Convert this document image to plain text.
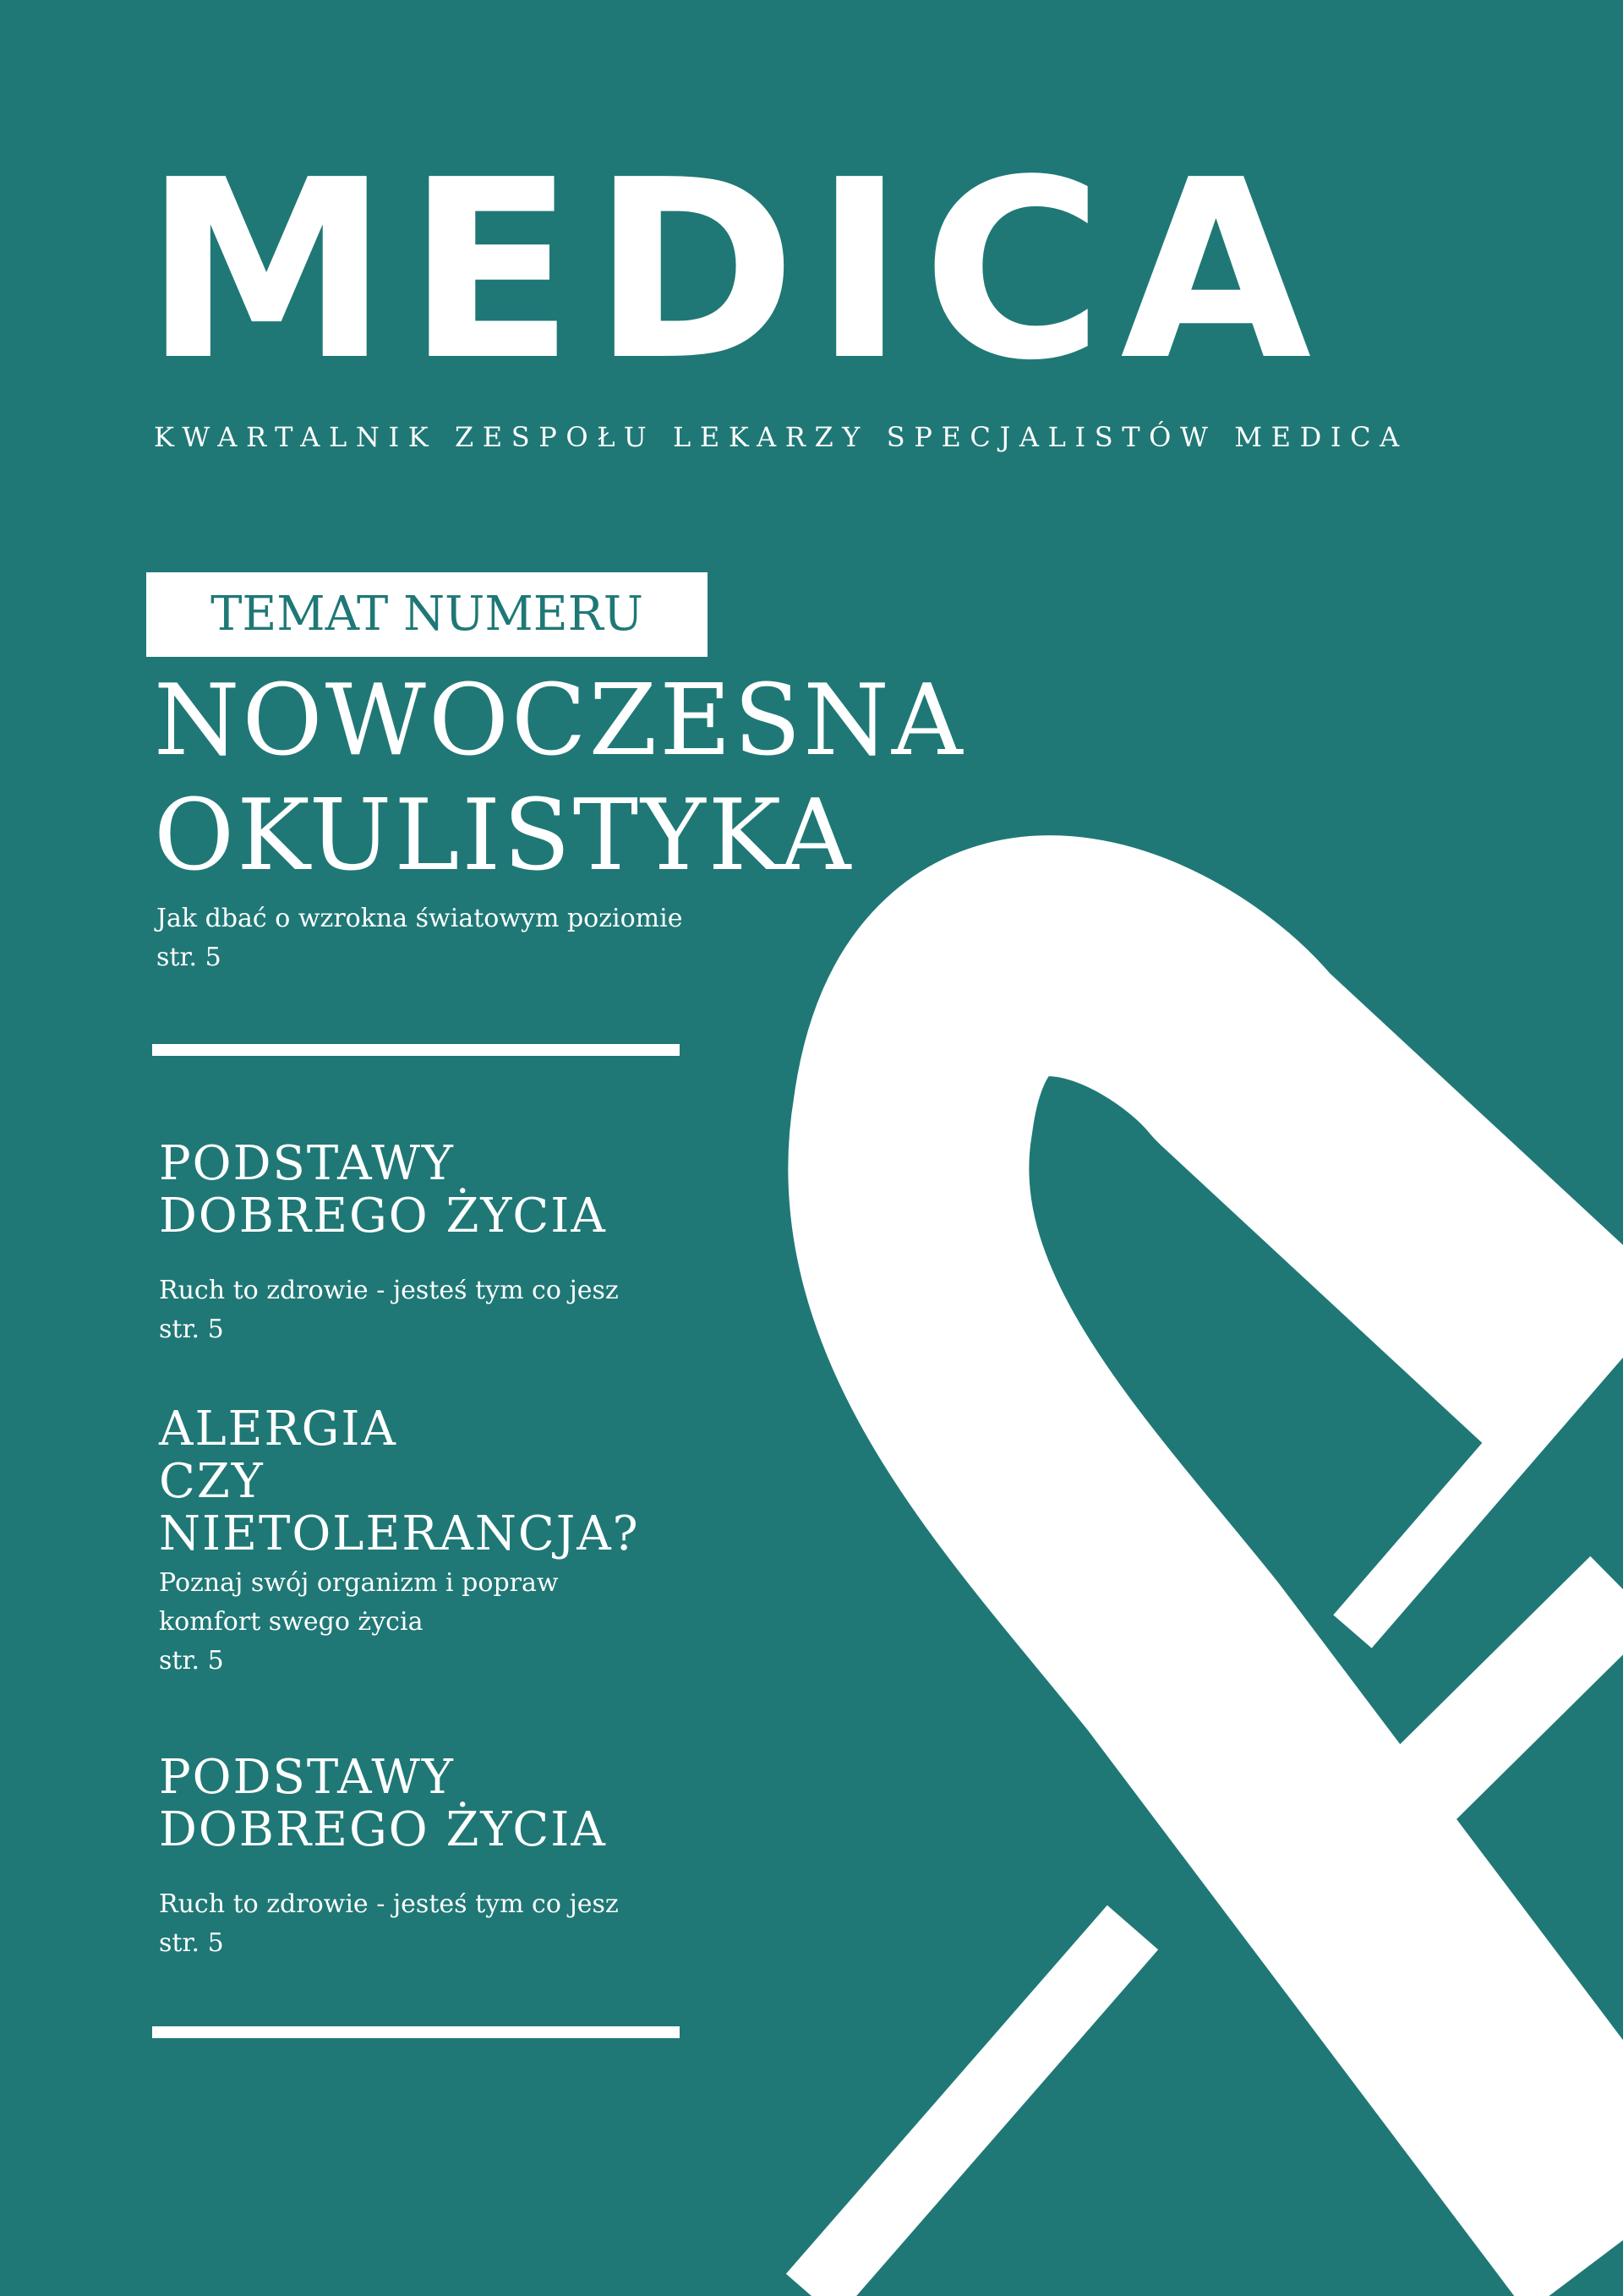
MEDICA
KWARTALNIK ZESPOŁU LEKARZY SPECJALISTÓW MEDICA
TEMAT NUMERU
NOWOCZESNA
OKULISTYKA
Jak dbać o wzrokna światowym poziomie
str. 5
PODSTAWY
DOBREGO ŻYCIA
Ruch to zdrowie - jesteś tym co jesz
str. 5
ALERGIA
CZY
NIETOLERANCJA?
Poznaj swój organizm i popraw
komfort swego życia
str. 5
PODSTAWY
DOBREGO ŻYCIA
Ruch to zdrowie - jesteś tym co jesz
str. 5
